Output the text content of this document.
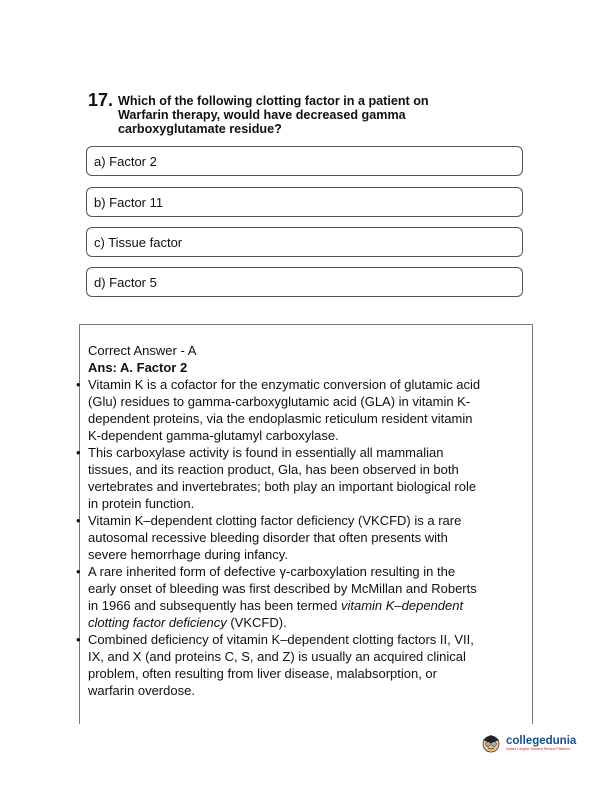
17. Which of the following clotting factor in a patient on
Warfarin therapy, would have decreased gamma
carboxyglutamate residue?
a) Factor 2
b) Factor 11
c) Tissue factor
d) Factor 5

Correct Answer - A

Ans: A. Factor 2

• Vitamin K is a cofactor for the enzymatic conversion of glutamic acid
(Glu) residues to gamma-carboxyglutamic acid (GLA) in vitamin K-
dependent proteins, via the endoplasmic reticulum resident vitamin
K-dependent gamma-glutamyl carboxylase.
• This carboxylase activity is found in essentially all mammalian
tissues, and its reaction product, Gla, has been observed in both
vertebrates and invertebrates; both play an important biological role
in protein function.
• Vitamin K–dependent clotting factor deficiency (VKCFD) is a rare
autosomal recessive bleeding disorder that often presents with
severe hemorrhage during infancy.
• A rare inherited form of defective γ-carboxylation resulting in the
early onset of bleeding was first described by McMillan and Roberts
in 1966 and subsequently has been termed vitamin K–dependent
clotting factor deficiency (VKCFD).
• Combined deficiency of vitamin K–dependent clotting factors II, VII,
IX, and X (and proteins C, S, and Z) is usually an acquired clinical
problem, often resulting from liver disease, malabsorption, or
warfarin overdose.
collegedunia
India's Largest Student Review Platform
